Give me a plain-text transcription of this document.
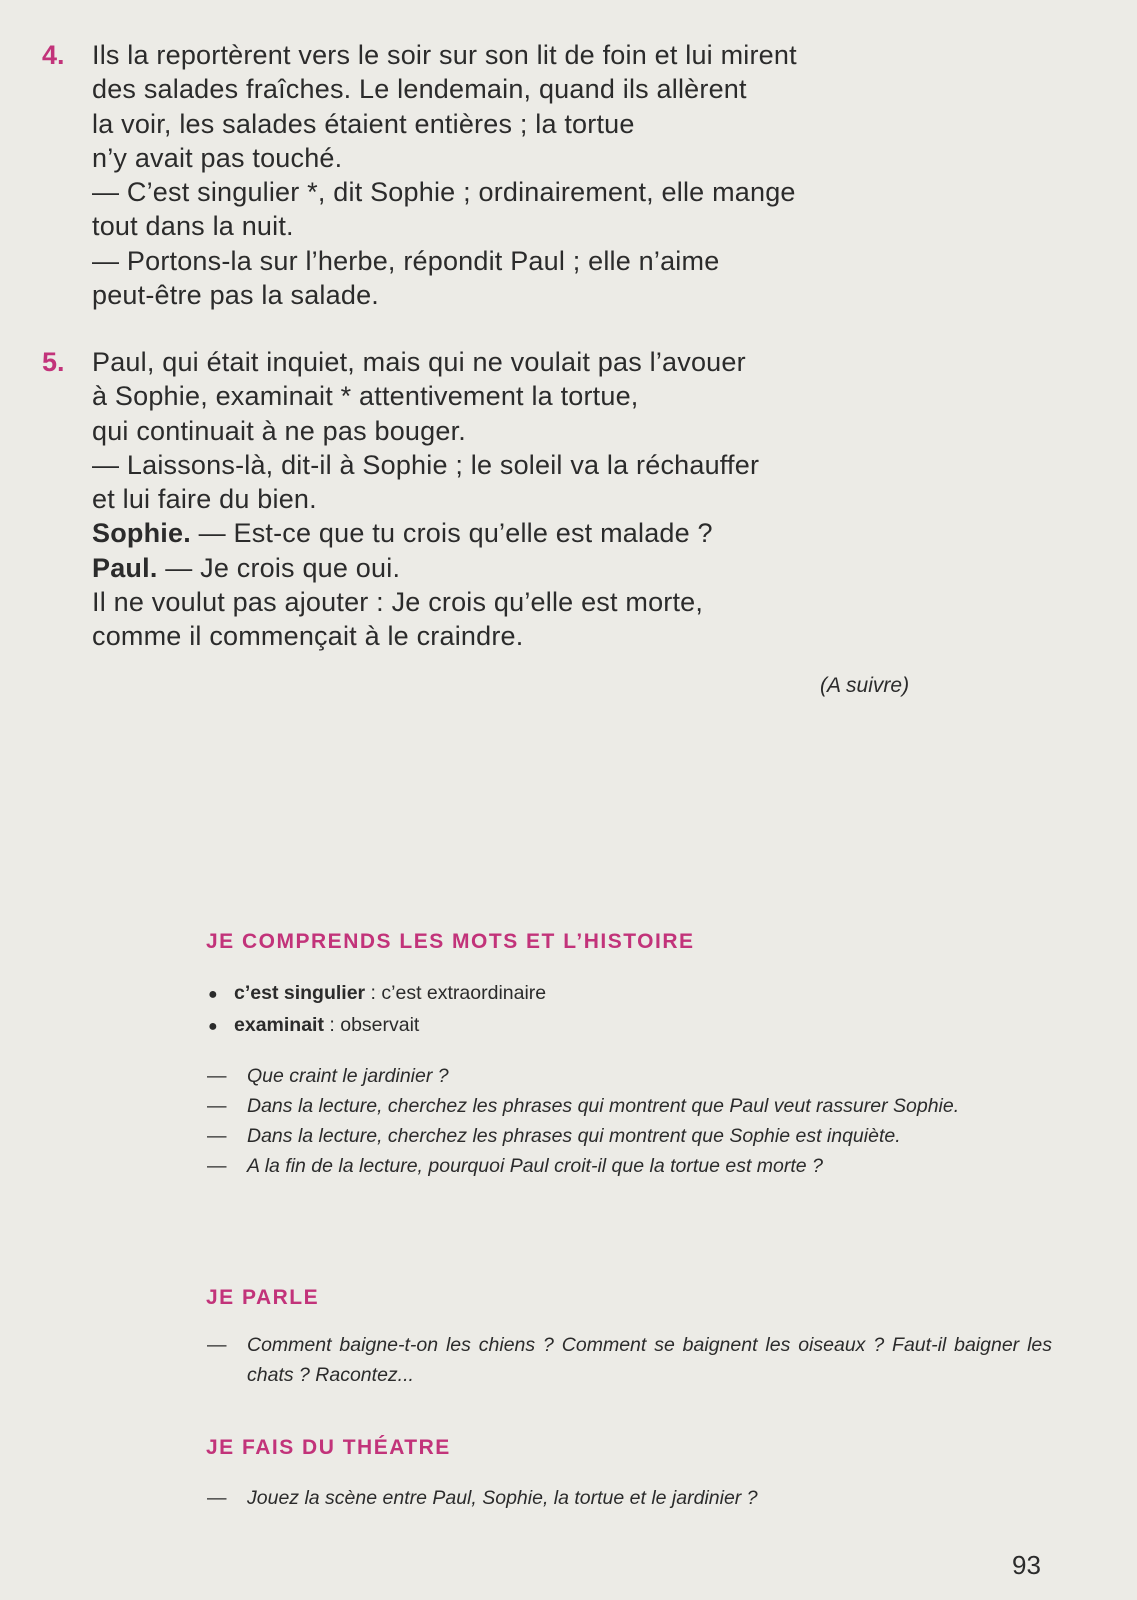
4. Ils la reportèrent vers le soir sur son lit de foin et lui mirent
des salades fraîches. Le lendemain, quand ils allèrent
la voir, les salades étaient entières ; la tortue
n’y avait pas touché.
— C’est singulier *, dit Sophie ; ordinairement, elle mange
tout dans la nuit.
— Portons-la sur l’herbe, répondit Paul ; elle n’aime
peut-être pas la salade.
5. Paul, qui était inquiet, mais qui ne voulait pas l’avouer
à Sophie, examinait * attentivement la tortue,
qui continuait à ne pas bouger.
— Laissons-là, dit-il à Sophie ; le soleil va la réchauffer
et lui faire du bien.
Sophie. — Est-ce que tu crois qu’elle est malade ?
Paul. — Je crois que oui.
Il ne voulut pas ajouter : Je crois qu’elle est morte,
comme il commençait à le craindre.
(A suivre)
JE COMPRENDS LES MOTS ET L’HISTOIRE
● c’est singulier : c’est extraordinaire
● examinait : observait
— Que craint le jardinier ?
— Dans la lecture, cherchez les phrases qui montrent que Paul veut rassurer Sophie.
— Dans la lecture, cherchez les phrases qui montrent que Sophie est inquiète.
— A la fin de la lecture, pourquoi Paul croit-il que la tortue est morte ?
JE PARLE
— Comment baigne-t-on les chiens ? Comment se baignent les oiseaux ? Faut-il baigner les chats ? Racontez...
JE FAIS DU THÉATRE
— Jouez la scène entre Paul, Sophie, la tortue et le jardinier ?
93
